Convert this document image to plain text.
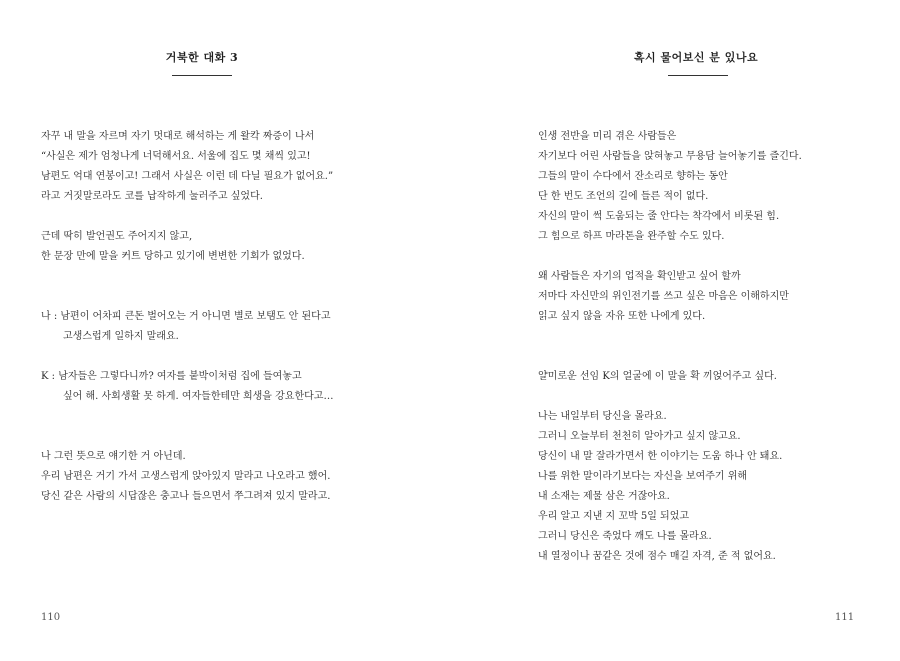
거북한 대화 3
자꾸 내 말을 자르며 자기 멋대로 해석하는 게 왈칵 짜증이 나서
“사실은 제가 엄청나게 너덕해서요. 서울에 집도 몇 채씩 있고!
남편도 억대 연봉이고! 그래서 사실은 이런 데 다닐 필요가 없어요.”
라고 거짓말로라도 코를 납작하게 눌러주고 싶었다.
근데 딱히 발언권도 주어지지 않고,
한 문장 만에 말을 커트 당하고 있기에 변변한 기회가 없었다.
나 : 남편이 어차피 큰돈 벌어오는 거 아니면 별로 보탬도 안 된다고
고생스럽게 일하지 말래요.
K : 남자들은 그렇다니까? 여자를 붙박이처럼 집에 들여놓고
싶어 해. 사회생활 못 하게. 여자들한테만 희생을 강요한다고…
나 그런 뜻으로 얘기한 거 아닌데.
우리 남편은 거기 가서 고생스럽게 앉아있지 말라고 나오라고 했어.
당신 같은 사람의 시답잖은 충고나 들으면서 쭈그려져 있지 말라고.
110
혹시 물어보신 분 있나요
인생 전반을 미리 겪은 사람들은
자기보다 어린 사람들을 앉혀놓고 무용담 늘어놓기를 즐긴다.
그들의 말이 수다에서 잔소리로 향하는 동안
단 한 번도 조언의 길에 들른 적이 없다.
자신의 말이 썩 도움되는 줄 안다는 착각에서 비롯된 힘.
그 힘으로 하프 마라톤을 완주할 수도 있다.
왜 사람들은 자기의 업적을 확인받고 싶어 할까
저마다 자신만의 위인전기를 쓰고 싶은 마음은 이해하지만
읽고 싶지 않을 자유 또한 나에게 있다.
얄미로운 선임 K의 얼굴에 이 말을 확 끼얹어주고 싶다.
나는 내일부터 당신을 몰라요.
그러니 오늘부터 천천히 알아가고 싶지 않고요.
당신이 내 말 잘라가면서 한 이야기는 도움 하나 안 돼요.
나를 위한 말이라기보다는 자신을 보여주기 위해
내 소재는 제물 삼은 거잖아요.
우리 알고 지낸 지 꼬박 5일 되었고
그러니 당신은 죽었다 깨도 나를 몰라요.
내 열정이나 꿈같은 것에 점수 매길 자격, 준 적 없어요.
111
